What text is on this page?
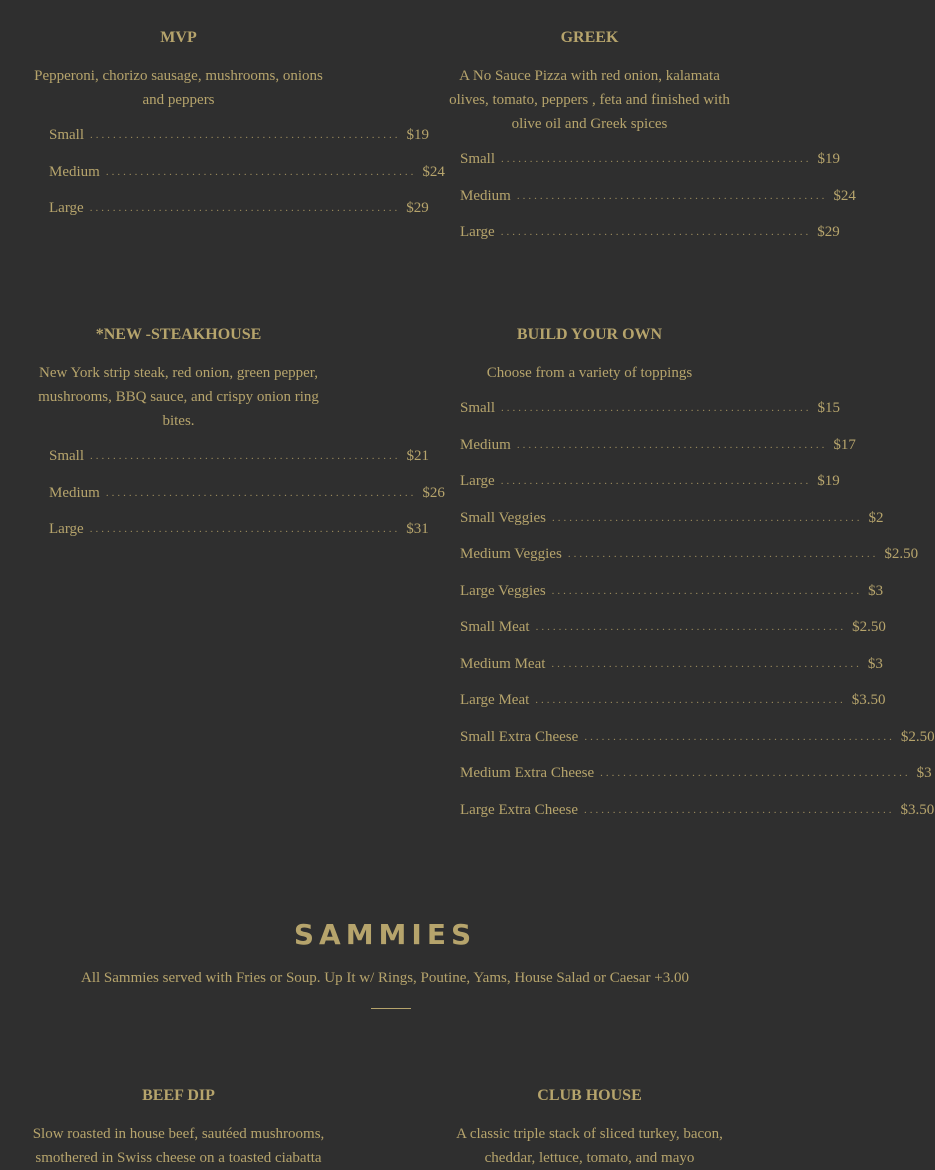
MVP
Pepperoni, chorizo sausage, mushrooms, onions and peppers
Small ...................................................... $19
Medium ...................................................... $24
Large ...................................................... $29
GREEK
A No Sauce Pizza with red onion, kalamata olives, tomato, peppers , feta and finished with olive oil and Greek spices
Small ...................................................... $19
Medium ...................................................... $24
Large ...................................................... $29
*NEW -STEAKHOUSE
New York strip steak, red onion, green pepper, mushrooms, BBQ sauce, and crispy onion ring bites.
Small ...................................................... $21
Medium ...................................................... $26
Large ...................................................... $31
BUILD YOUR OWN
Choose from a variety of toppings
Small ...................................................... $15
Medium ...................................................... $17
Large ...................................................... $19
Small Veggies ...................................................... $2
Medium Veggies ...................................................... $2.50
Large Veggies ...................................................... $3
Small Meat ...................................................... $2.50
Medium Meat ...................................................... $3
Large Meat ...................................................... $3.50
Small Extra Cheese ...................................................... $2.50
Medium Extra Cheese ...................................................... $3
Large Extra Cheese ...................................................... $3.50
SAMMIES
All Sammies served with Fries or Soup. Up It w/ Rings, Poutine, Yams, House Salad or Caesar +3.00
BEEF DIP
Slow roasted in house beef, sautéed mushrooms, smothered in Swiss cheese on a toasted ciabatta
CLUB HOUSE
A classic triple stack of sliced turkey, bacon, cheddar, lettuce, tomato, and mayo
